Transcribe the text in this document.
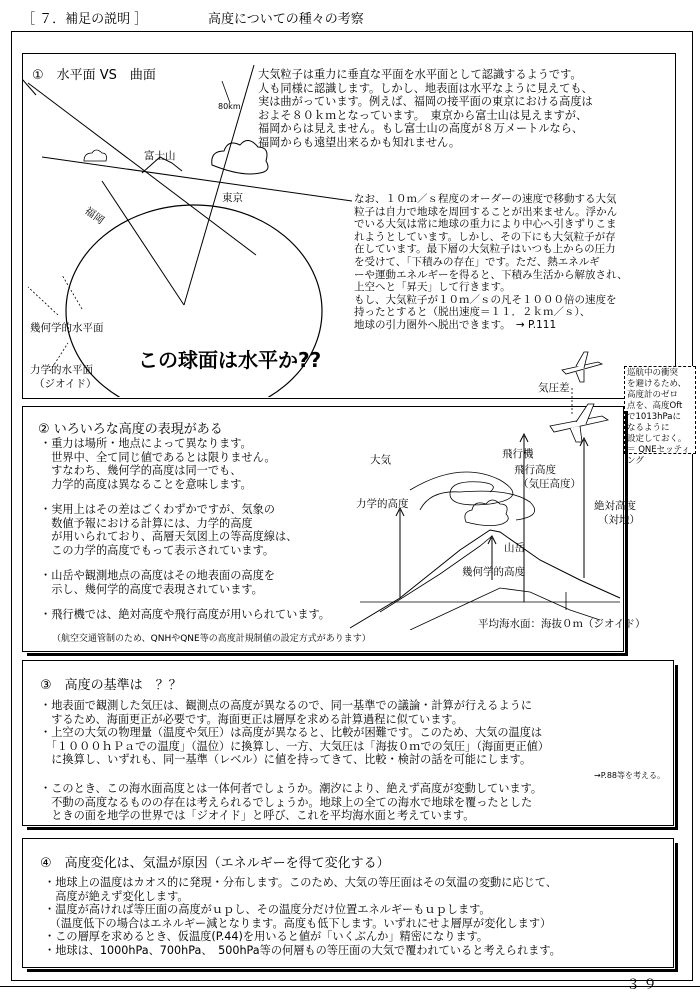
［ ７．補足の説明 ］	高度についての種々の考察
①　水平面 VS　曲面
80km
富士山
東京
福岡
幾何学的水平面
力学的水平面
（ジオイド）
この球面は水平か??
大気粒子は重力に垂直な平面を水平面として認識するようです。
人も同様に認識します。しかし、地表面は水平なように見えても、
実は曲がっています。例えば、福岡の接平面の東京における高度は
およそ８０ｋｍとなっています。　東京から富士山は見えますが、
福岡からは見えません。もし富士山の高度が８万メートルなら、
福岡からも遠望出来るかも知れません。
なお、１０ｍ／ｓ程度のオーダーの速度で移動する大気
粒子は自力で地球を周回することが出来ません。浮かん
でいる大気は常に地球の重力により中心へ引きずりこま
れようとしています。しかし、その下にも大気粒子が存
在しています。最下層の大気粒子はいつも上からの圧力
を受けて、「下積みの存在」です。ただ、熱エネルギ
ーや運動エネルギーを得ると、下積み生活から解放され、
上空へと「昇天」して行きます。
もし、大気粒子が１０ｍ／ｓの凡そ１０００倍の速度を
持ったとすると（脱出速度＝１１．２ｋｍ／ｓ）、
地球の引力圏外へ脱出できます。　→ P.111
巡航中の衝突
を避けるため、
高度計のゼロ
点を、高度Oft
で1013hPaに
なるように
設定しておく。
＝ QNEセッティング
② いろいろな高度の表現がある
・重力は場所・地点によって異なります。
　世界中、全て同じ値であるとは限りません。
　すなわち、幾何学的高度は同一でも、
　力学的高度は異なることを意味します。
・実用上はその差はごくわずかですが、気象の
　数値予報における計算には、力学的高度
　が用いられており、高層天気図上の等高度線は、
　この力学的高度でもって表示されています。
・山岳や観測地点の高度はその地表面の高度を
　示し、幾何学的高度で表現されています。
・飛行機では、絶対高度や飛行高度が用いられています。
（航空交通管制のため、QNHやQNE等の高度計規制値の設定方式があります）
気圧差
飛行機
大気
飛行高度
（気圧高度）
力学的高度	絶対高度
（対地）
山岳
幾何学的高度
平均海水面：海抜０ｍ（ジオイド）
③　高度の基準は　？？
・地表面で観測した気圧は、観測点の高度が異なるので、同一基準での議論・計算が行えるように
　するため、海面更正が必要です。海面更正は層厚を求める計算過程に似ています。
・上空の大気の物理量（温度や気圧）は高度が異なると、比較が困難です。このため、大気の温度は
　「１０００ｈＰａでの温度」（温位）に換算し、一方、大気圧は「海抜０ｍでの気圧」（海面更正値）
　に換算し、いずれも、同一基準（レベル）に値を持ってきて、比較・検討の話を可能にします。
→P.88等を考える。
・このとき、この海水面高度とは一体何者でしょうか。潮汐により、絶えず高度が変動しています。
　不動の高度なるものの存在は考えられるでしょうか。地球上の全ての海水で地球を覆ったとした
　ときの面を地学の世界では「ジオイド」と呼び、これを平均海水面と考えています。
④　高度変化は、気温が原因（エネルギーを得て変化する）
・地球上の温度はカオス的に発現・分布します。このため、大気の等圧面はその気温の変動に応じて、
　高度が絶えず変化します。
・温度が高ければ等圧面の高度がｕｐし、その温度分だけ位置エネルギーもｕｐします。
　（温度低下の場合はエネルギー減となります。高度も低下します。いずれにせよ層厚が変化します）
・この層厚を求めるとき、仮温度(P.44)を用いると値が「いくぶんか」精密になります。
・地球は、1000hPa、700hPa、　500hPa等の何層もの等圧面の大気で覆われていると考えられます。
３９
